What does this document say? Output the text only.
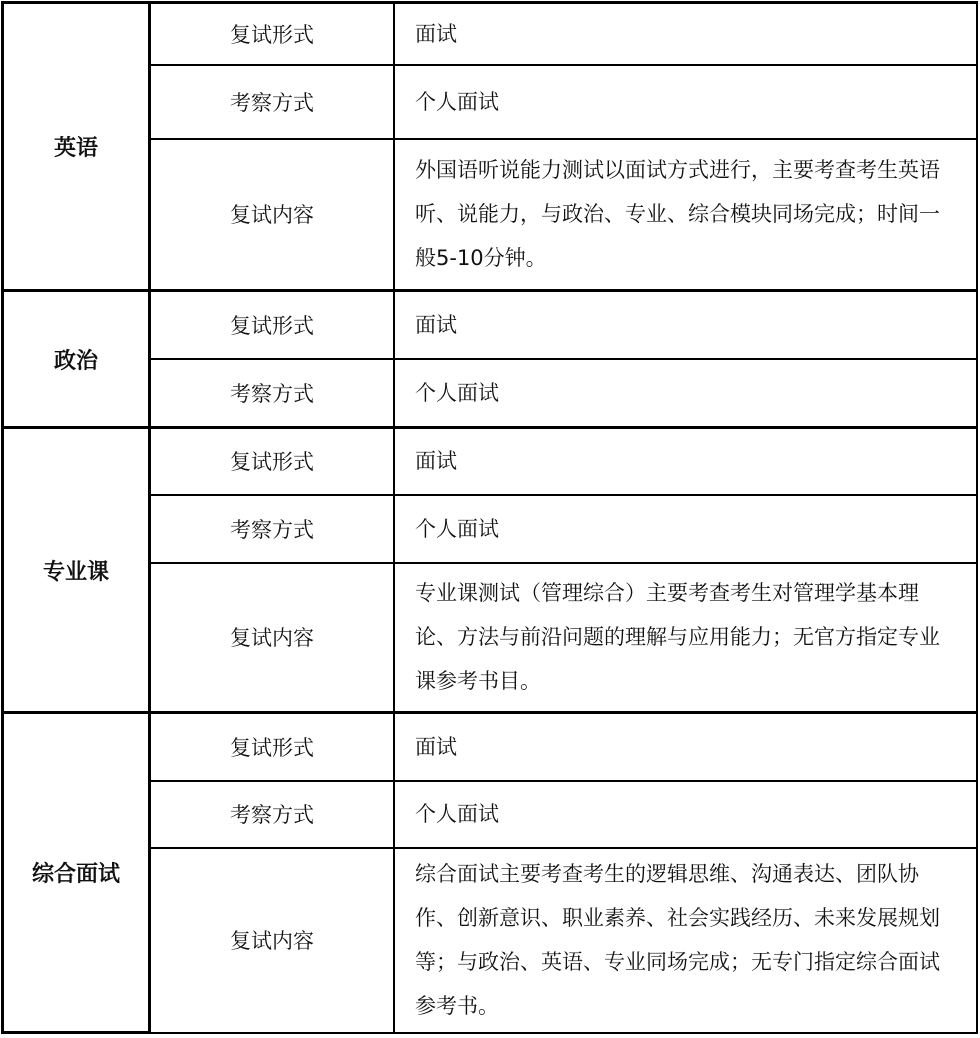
英语	复试形式	面试
	考察方式	个人面试
	复试内容	外国语听说能力测试以面试方式进行，主要考查考生英语听、说能力，与政治、专业、综合模块同场完成；时间一般5-10分钟。
政治	复试形式	面试
	考察方式	个人面试
专业课	复试形式	面试
	考察方式	个人面试
	复试内容	专业课测试（管理综合）主要考查考生对管理学基本理论、方法与前沿问题的理解与应用能力；无官方指定专业课参考书目。
综合面试	复试形式	面试
	考察方式	个人面试
	复试内容	综合面试主要考查考生的逻辑思维、沟通表达、团队协作、创新意识、职业素养、社会实践经历、未来发展规划等；与政治、英语、专业同场完成；无专门指定综合面试参考书。
